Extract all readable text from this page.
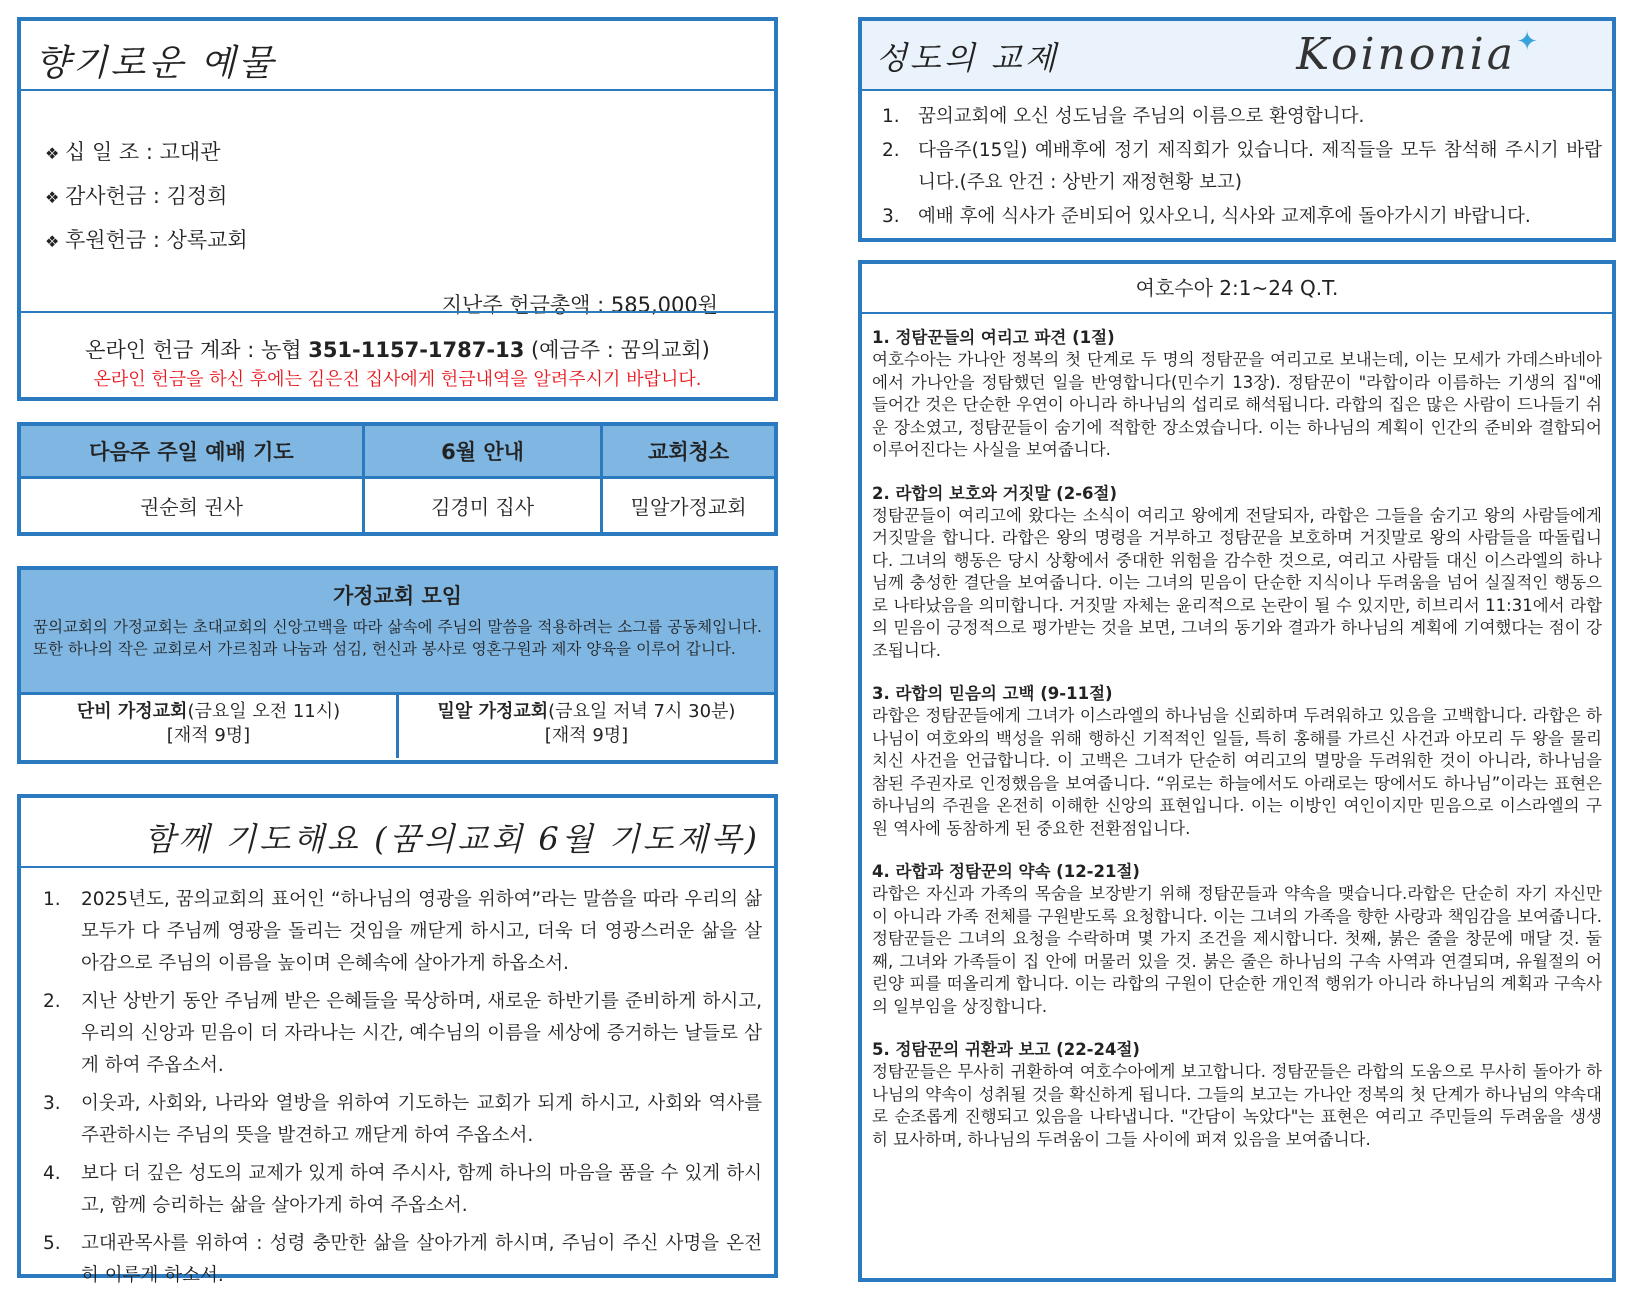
향기로운 예물
❖ 십 일 조 : 고대관
❖ 감사헌금 : 김정희
❖ 후원헌금 : 상록교회
지난주 헌금총액 : 585,000원
온라인 헌금 계좌 : 농협 351-1157-1787-13 (예금주 : 꿈의교회)
온라인 헌금을 하신 후에는 김은진 집사에게 헌금내역을 알려주시기 바랍니다.
다음주 주일 예배 기도	6월 안내	교회청소
권순희 권사	김경미 집사	밀알가정교회
가정교회 모임
꿈의교회의 가정교회는 초대교회의 신앙고백을 따라 삶속에 주님의 말씀을 적용하려는 소그룹 공동체입니다. 또한 하나의 작은 교회로서 가르침과 나눔과 섬김, 헌신과 봉사로 영혼구원과 제자 양육을 이루어 갑니다.
단비 가정교회(금요일 오전 11시)
[재적 9명]
밀알 가정교회(금요일 저녁 7시 30분)
[재적 9명]
함께 기도해요 (꿈의교회 6월 기도제목)
1.	2025년도, 꿈의교회의 표어인 “하나님의 영광을 위하여”라는 말씀을 따라 우리의 삶 모두가 다 주님께 영광을 돌리는 것임을 깨닫게 하시고, 더욱 더 영광스러운 삶을 살아감으로 주님의 이름을 높이며 은혜속에 살아가게 하옵소서.
2.	지난 상반기 동안 주님께 받은 은혜들을 묵상하며, 새로운 하반기를 준비하게 하시고, 우리의 신앙과 믿음이 더 자라나는 시간, 예수님의 이름을 세상에 증거하는 날들로 삼게 하여 주옵소서.
3.	이웃과, 사회와, 나라와 열방을 위하여 기도하는 교회가 되게 하시고, 사회와 역사를 주관하시는 주님의 뜻을 발견하고 깨닫게 하여 주옵소서.
4.	보다 더 깊은 성도의 교제가 있게 하여 주시사, 함께 하나의 마음을 품을 수 있게 하시고, 함께 승리하는 삶을 살아가게 하여 주옵소서.
5.	고대관목사를 위하여 : 성령 충만한 삶을 살아가게 하시며, 주님이 주신 사명을 온전히 이루게 하소서.
성도의 교제	Koinonia ✦
1. 꿈의교회에 오신 성도님을 주님의 이름으로 환영합니다.
2. 다음주(15일) 예배후에 정기 제직회가 있습니다. 제직들을 모두 참석해 주시기 바랍니다.(주요 안건 : 상반기 재정현황 보고)
3. 예배 후에 식사가 준비되어 있사오니, 식사와 교제후에 돌아가시기 바랍니다.
여호수아 2:1~24 Q.T.
1. 정탐꾼들의 여리고 파견 (1절)

여호수아는 가나안 정복의 첫 단계로 두 명의 정탐꾼을 여리고로 보내는데, 이는 모세가 가데스바네아에서 가나안을 정탐했던 일을 반영합니다(민수기 13장). 정탐꾼이 "라합이라 이름하는 기생의 집"에 들어간 것은 단순한 우연이 아니라 하나님의 섭리로 해석됩니다. 라합의 집은 많은 사람이 드나들기 쉬운 장소였고, 정탐꾼들이 숨기에 적합한 장소였습니다. 이는 하나님의 계획이 인간의 준비와 결합되어 이루어진다는 사실을 보여줍니다.

2. 라합의 보호와 거짓말 (2-6절)

정탐꾼들이 여리고에 왔다는 소식이 여리고 왕에게 전달되자, 라합은 그들을 숨기고 왕의 사람들에게 거짓말을 합니다. 라합은 왕의 명령을 거부하고 정탐꾼을 보호하며 거짓말로 왕의 사람들을 따돌립니다. 그녀의 행동은 당시 상황에서 중대한 위험을 감수한 것으로, 여리고 사람들 대신 이스라엘의 하나님께 충성한 결단을 보여줍니다. 이는 그녀의 믿음이 단순한 지식이나 두려움을 넘어 실질적인 행동으로 나타났음을 의미합니다. 거짓말 자체는 윤리적으로 논란이 될 수 있지만, 히브리서 11:31에서 라합의 믿음이 긍정적으로 평가받는 것을 보면, 그녀의 동기와 결과가 하나님의 계획에 기여했다는 점이 강조됩니다.

3. 라합의 믿음의 고백 (9-11절)

라합은 정탐꾼들에게 그녀가 이스라엘의 하나님을 신뢰하며 두려워하고 있음을 고백합니다. 라합은 하나님이 여호와의 백성을 위해 행하신 기적적인 일들, 특히 홍해를 가르신 사건과 아모리 두 왕을 물리치신 사건을 언급합니다. 이 고백은 그녀가 단순히 여리고의 멸망을 두려워한 것이 아니라, 하나님을 참된 주권자로 인정했음을 보여줍니다. “위로는 하늘에서도 아래로는 땅에서도 하나님”이라는 표현은 하나님의 주권을 온전히 이해한 신앙의 표현입니다. 이는 이방인 여인이지만 믿음으로 이스라엘의 구원 역사에 동참하게 된 중요한 전환점입니다.

4. 라합과 정탐꾼의 약속 (12-21절)

라합은 자신과 가족의 목숨을 보장받기 위해 정탐꾼들과 약속을 맺습니다.라합은 단순히 자기 자신만이 아니라 가족 전체를 구원받도록 요청합니다. 이는 그녀의 가족을 향한 사랑과 책임감을 보여줍니다. 정탐꾼들은 그녀의 요청을 수락하며 몇 가지 조건을 제시합니다. 첫째, 붉은 줄을 창문에 매달 것. 둘째, 그녀와 가족들이 집 안에 머물러 있을 것. 붉은 줄은 하나님의 구속 사역과 연결되며, 유월절의 어린양 피를 떠올리게 합니다. 이는 라합의 구원이 단순한 개인적 행위가 아니라 하나님의 계획과 구속사의 일부임을 상징합니다.

5. 정탐꾼의 귀환과 보고 (22-24절)

정탐꾼들은 무사히 귀환하여 여호수아에게 보고합니다. 정탐꾼들은 라합의 도움으로 무사히 돌아가 하나님의 약속이 성취될 것을 확신하게 됩니다. 그들의 보고는 가나안 정복의 첫 단계가 하나님의 약속대로 순조롭게 진행되고 있음을 나타냅니다. "간담이 녹았다"는 표현은 여리고 주민들의 두려움을 생생히 묘사하며, 하나님의 두려움이 그들 사이에 퍼져 있음을 보여줍니다.
